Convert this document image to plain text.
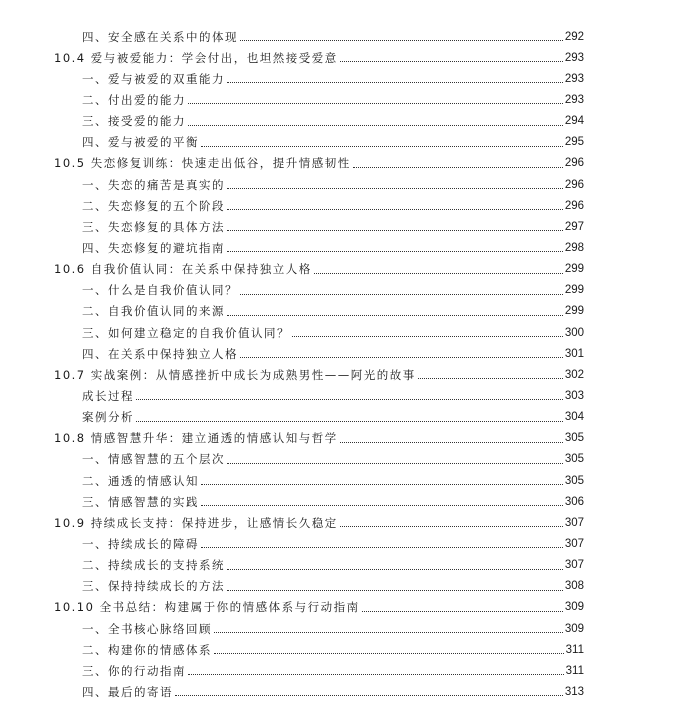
四、安全感在关系中的体现	292
10.4 爱与被爱能力：学会付出，也坦然接受爱意	293
一、爱与被爱的双重能力	293
二、付出爱的能力	293
三、接受爱的能力	294
四、爱与被爱的平衡	295
10.5 失恋修复训练：快速走出低谷，提升情感韧性	296
一、失恋的痛苦是真实的	296
二、失恋修复的五个阶段	296
三、失恋修复的具体方法	297
四、失恋修复的避坑指南	298
10.6 自我价值认同：在关系中保持独立人格	299
一、什么是自我价值认同？	299
二、自我价值认同的来源	299
三、如何建立稳定的自我价值认同？	300
四、在关系中保持独立人格	301
10.7 实战案例：从情感挫折中成长为成熟男性——阿光的故事	302
成长过程	303
案例分析	304
10.8 情感智慧升华：建立通透的情感认知与哲学	305
一、情感智慧的五个层次	305
二、通透的情感认知	305
三、情感智慧的实践	306
10.9 持续成长支持：保持进步，让感情长久稳定	307
一、持续成长的障碍	307
二、持续成长的支持系统	307
三、保持持续成长的方法	308
10.10 全书总结：构建属于你的情感体系与行动指南	309
一、全书核心脉络回顾	309
二、构建你的情感体系	311
三、你的行动指南	311
四、最后的寄语	313
